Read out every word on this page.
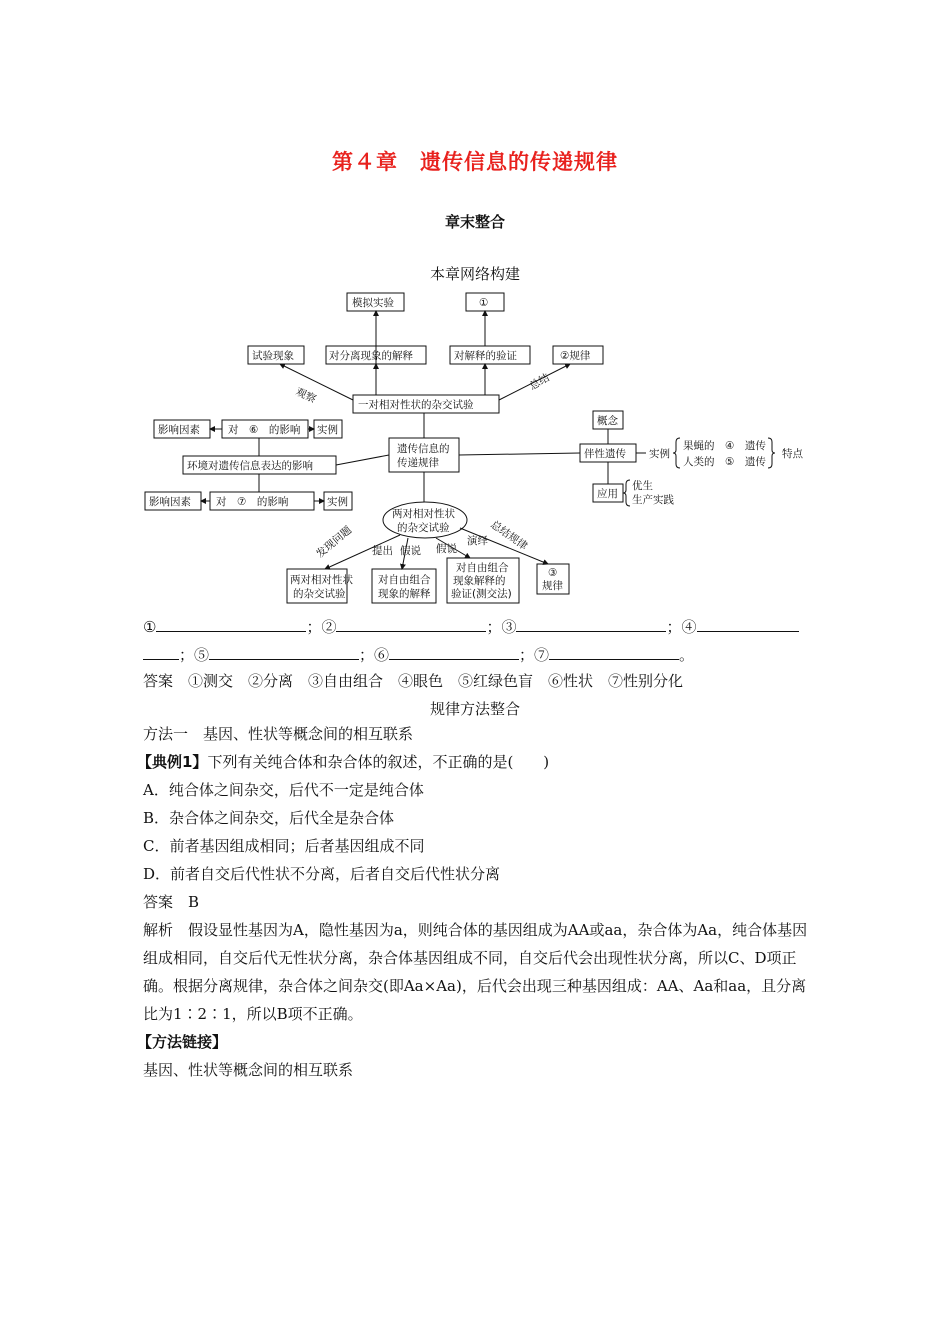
第４章　遗传信息的传递规律
章末整合
本章网络构建
模拟实验	①
试验现象	对分离现象的解释	对解释的验证	②规律
观察
总结
一对相对性状的杂交试验
影响因素	对　⑥　的影响 实例
环境对遗传信息表达的影响
影响因素 对　⑦　的影响	实例
遗传信息的
传递规律
概念
伴性遗传 实例
果蝇的　④　遗传
人类的　⑤　遗传
特点
应用
优生
生产实践
两对相对性状
的杂交试验
发现问题 提出 假说 假说
演绎 总结规律
两对相对性状
的杂交试验
对自由组合
现象的解释
对自由组合
现象解释的
验证(测交法)
③
规律
①	；②	；③	；④
；⑤	；⑥	；⑦	。
答案　①测交　②分离　③自由组合　④眼色　⑤红绿色盲　⑥性状　⑦性别分化
规律方法整合
方法一　基因、性状等概念间的相互联系
【典例1】下列有关纯合体和杂合体的叙述，不正确的是(　　)
A．纯合体之间杂交，后代不一定是纯合体
B．杂合体之间杂交，后代全是杂合体
C．前者基因组成相同；后者基因组成不同
D．前者自交后代性状不分离，后者自交后代性状分离
答案　B
解析　假设显性基因为A，隐性基因为a，则纯合体的基因组成为AA或aa，杂合体为Aa，纯合体基因组成相同，自交后代无性状分离，杂合体基因组成不同，自交后代会出现性状分离，所以C、D项正确。根据分离规律，杂合体之间杂交(即Aa×Aa)，后代会出现三种基因组成：AA、Aa和aa，且分离比为1∶2∶1，所以B项不正确。
【方法链接】
基因、性状等概念间的相互联系
